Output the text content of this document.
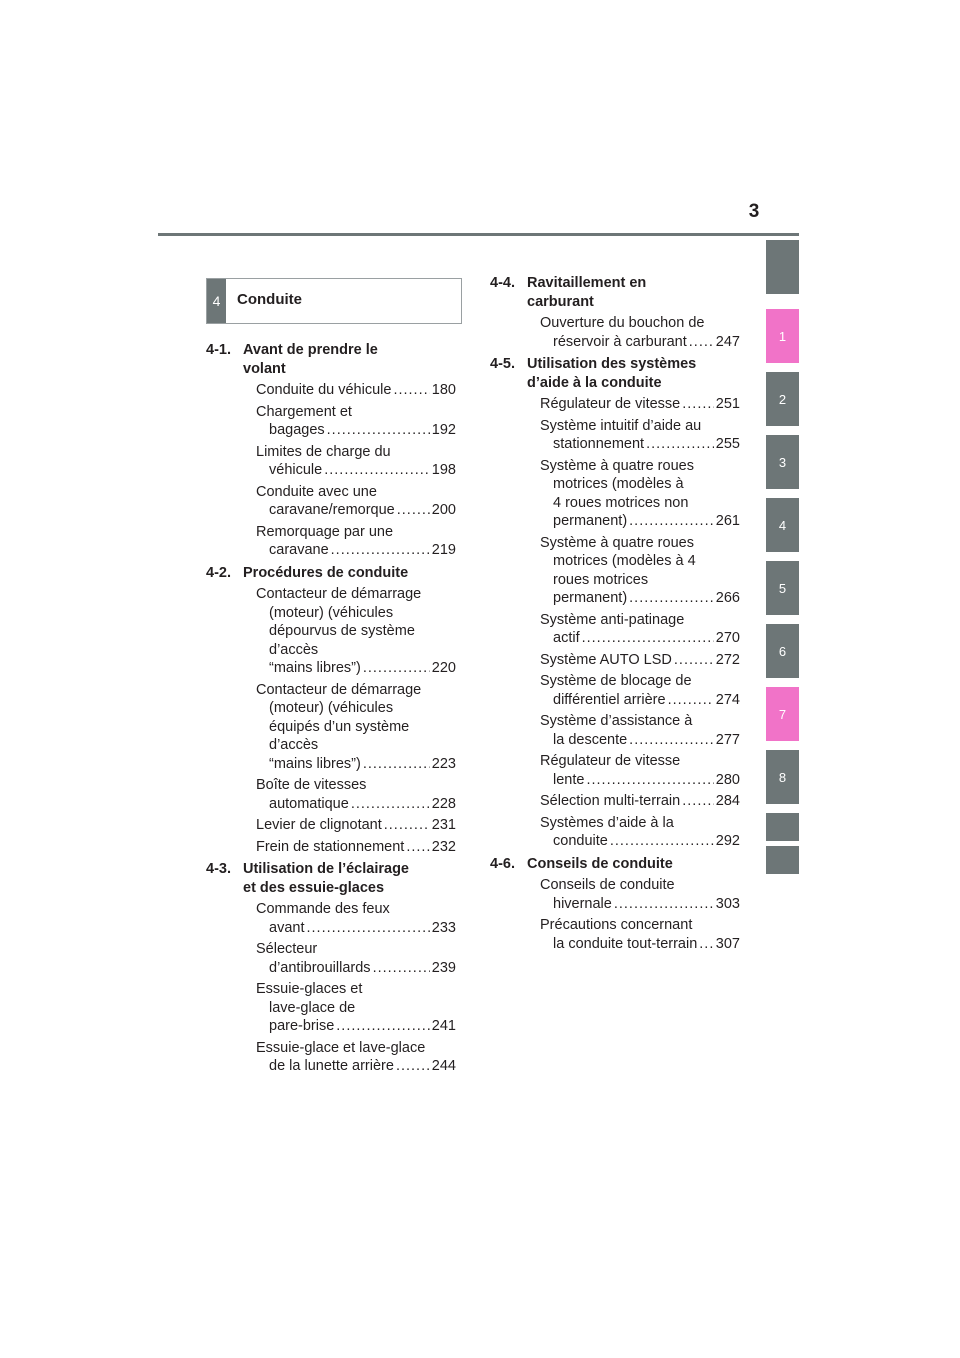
3
1
2
3
4
5
6
7
8
4	Conduite
4-1. Avant de prendre le
volant
Conduite du véhicule .....	180
Chargement et
bagages .....	192
Limites de charge du
véhicule .....	198
Conduite avec une
caravane/remorque .....	200
Remorquage par une
caravane .....	219
4-2. Procédures de conduite
Contacteur de démarrage
(moteur) (véhicules
dépourvus de système
d’accès
“mains libres”) .....	220
Contacteur de démarrage
(moteur) (véhicules
équipés d’un système
d’accès
“mains libres”) .....	223
Boîte de vitesses
automatique .....	228
Levier de clignotant .....	231
Frein de stationnement ..... 232
4-3. Utilisation de l’éclairage
et des essuie-glaces
Commande des feux
avant .....	233
Sélecteur
d’antibrouillards .....	239
Essuie-glaces et
lave-glace de
pare-brise .....	241
Essuie-glace et lave-glace
de la lunette arrière .....	244
4-4. Ravitaillement en
carburant
Ouverture du bouchon de
réservoir à carburant ..... 247
4-5. Utilisation des systèmes
d’aide à la conduite
Régulateur de vitesse ..... 251
Système intuitif d’aide au
stationnement .....	255
Système à quatre roues
motrices (modèles à
4 roues motrices non
permanent) .....	261
Système à quatre roues
motrices (modèles à 4
roues motrices
permanent) .....	266
Système anti-patinage
actif .....	270
Système AUTO LSD .....	272
Système de blocage de
différentiel arrière .....	274
Système d’assistance à
la descente .....	277
Régulateur de vitesse
lente .....	280
Sélection multi-terrain ..... 284
Systèmes d’aide à la
conduite .....	292
4-6. Conseils de conduite
Conseils de conduite
hivernale .....	303
Précautions concernant
la conduite tout-terrain ..... 307
